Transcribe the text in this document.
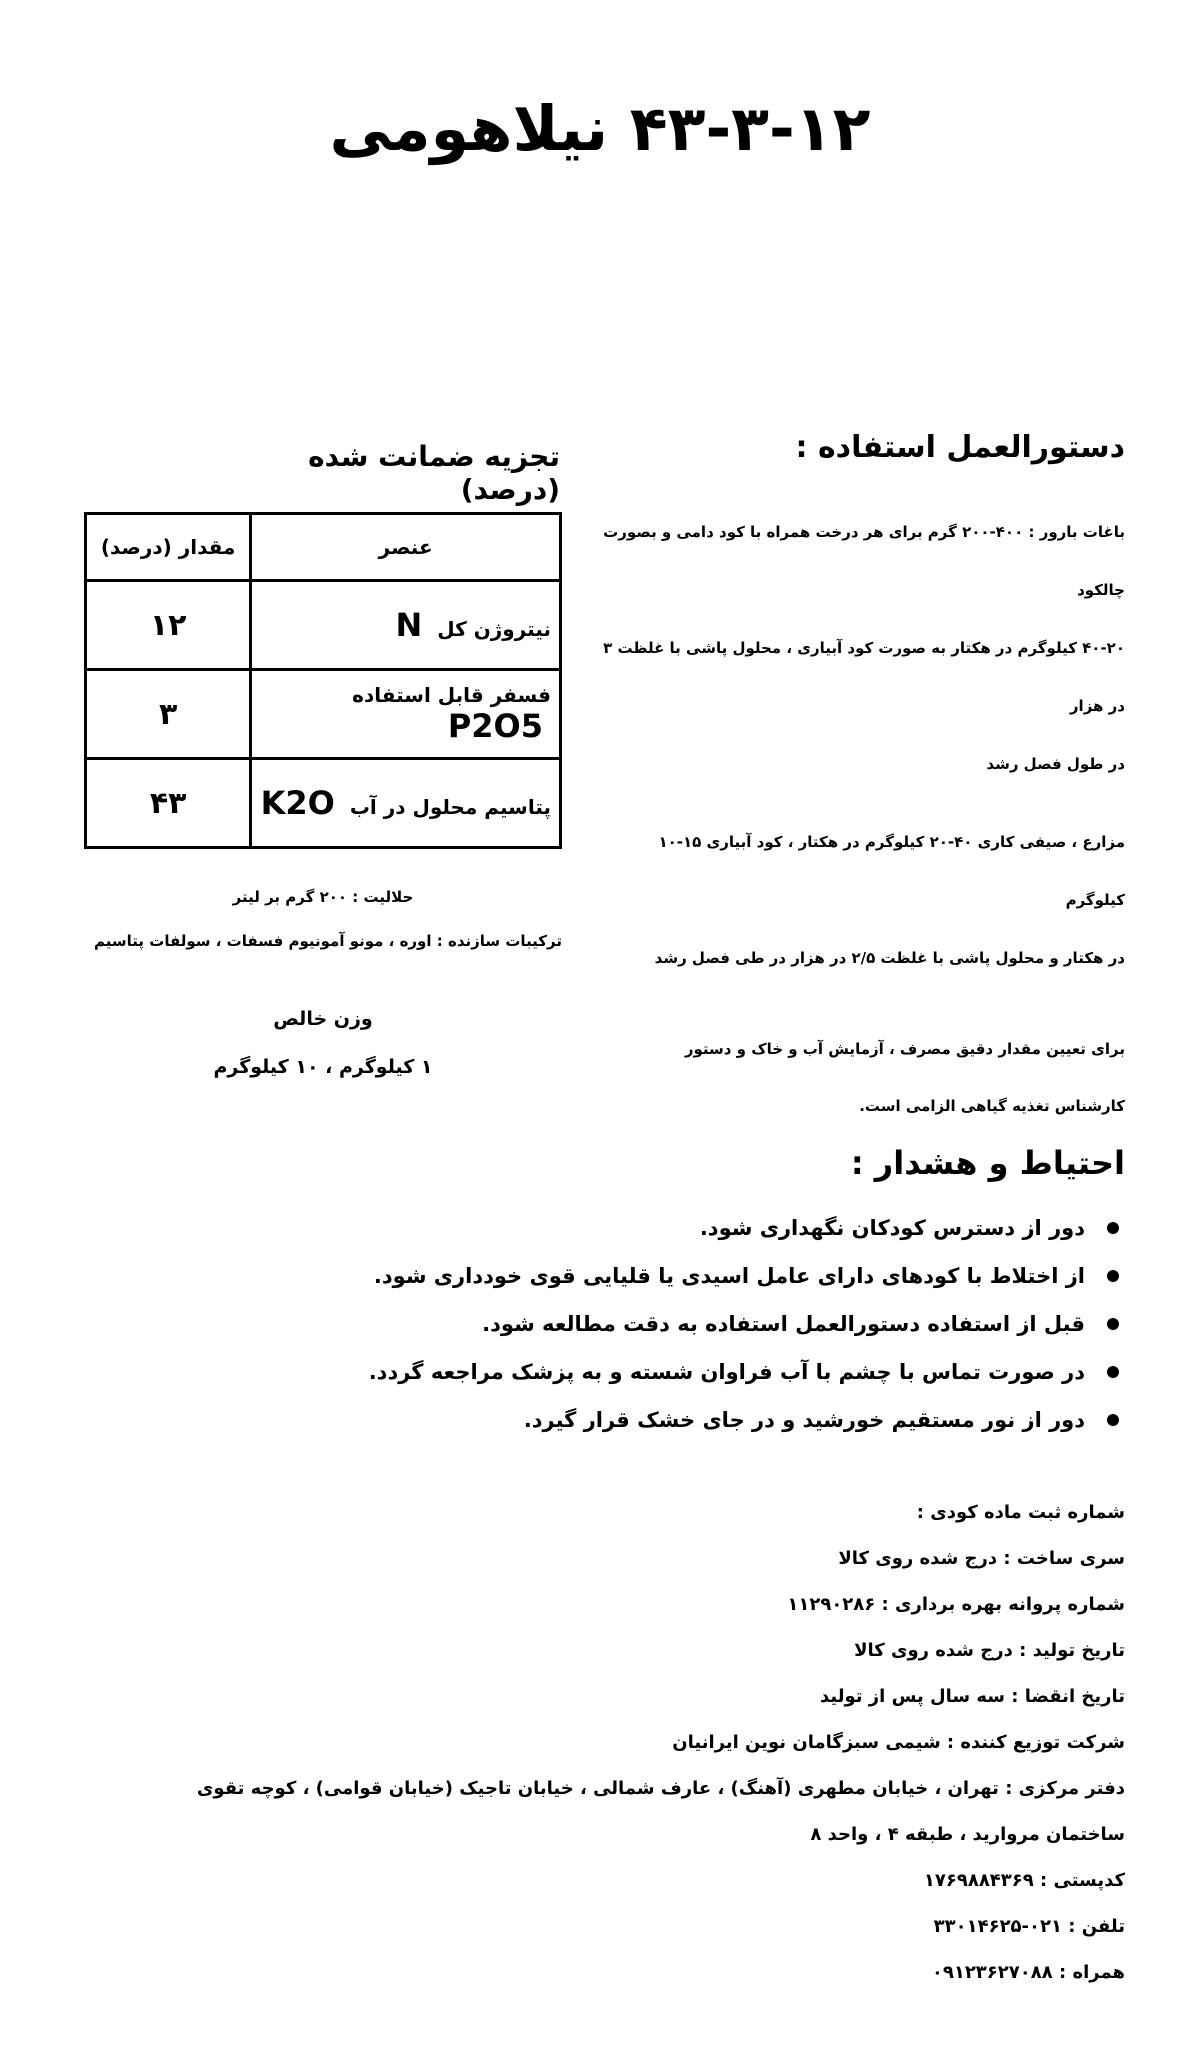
۴۳-۳-۱۲ نیلاهومی
دستورالعمل استفاده :

باغات بارور : ۴۰۰-۲۰۰ گرم برای هر درخت همراه با کود دامی و بصورت چالکود

۴۰-۲۰ کیلوگرم در هکتار به صورت کود آبیاری ، محلول پاشی با غلظت ۳ در هزار

در طول فصل رشد

مزارع ، صیفی کاری ۴۰-۲۰ کیلوگرم در هکتار ، کود آبیاری ۱۵-۱۰ کیلوگرم

در هکتار و محلول پاشی با غلظت ۲/۵ در هزار در طی فصل رشد

برای تعیین مقدار دقیق مصرف ، آزمایش آب و خاک و دستور

کارشناس تغذیه گیاهی الزامی است.

تجزیه ضمانت شده (درصد)
عنصر	مقدار (درصد)
نیتروژن کل N	۱۲
فسفر قابل استفاده P2O5	۳
پتاسیم محلول در آب K2O	۴۳
حلالیت : ۲۰۰ گرم بر لیتر
ترکیبات سازنده : اوره ، مونو آمونیوم فسفات ، سولفات پتاسیم
وزن خالص
۱ کیلوگرم ، ۱۰ کیلوگرم
احتیاط و هشدار :
دور از دسترس کودکان نگهداری شود.
از اختلاط با کودهای دارای عامل اسیدی یا قلیایی قوی خودداری شود.
قبل از استفاده دستورالعمل استفاده به دقت مطالعه شود.
در صورت تماس با چشم با آب فراوان شسته و به پزشک مراجعه گردد.
دور از نور مستقیم خورشید و در جای خشک قرار گیرد.
شماره ثبت ماده کودی :
سری ساخت : درج شده روی کالا
شماره پروانه بهره برداری : ۱۱۲۹۰۲۸۶
تاریخ تولید : درج شده روی کالا
تاریخ انقضا : سه سال پس از تولید
شرکت توزیع کننده : شیمی سبزگامان نوین ایرانیان
دفتر مرکزی : تهران ، خیابان مطهری (آهنگ) ، عارف شمالی ، خیابان تاجیک (خیابان قوامی) ، کوچه تقوی
ساختمان مروارید ، طبقه ۴ ، واحد ۸
کدپستی : ۱۷۶۹۸۸۴۳۶۹
تلفن : ۰۲۱-۳۳۰۱۴۶۲۵
همراه : ۰۹۱۲۳۶۲۷۰۸۸
